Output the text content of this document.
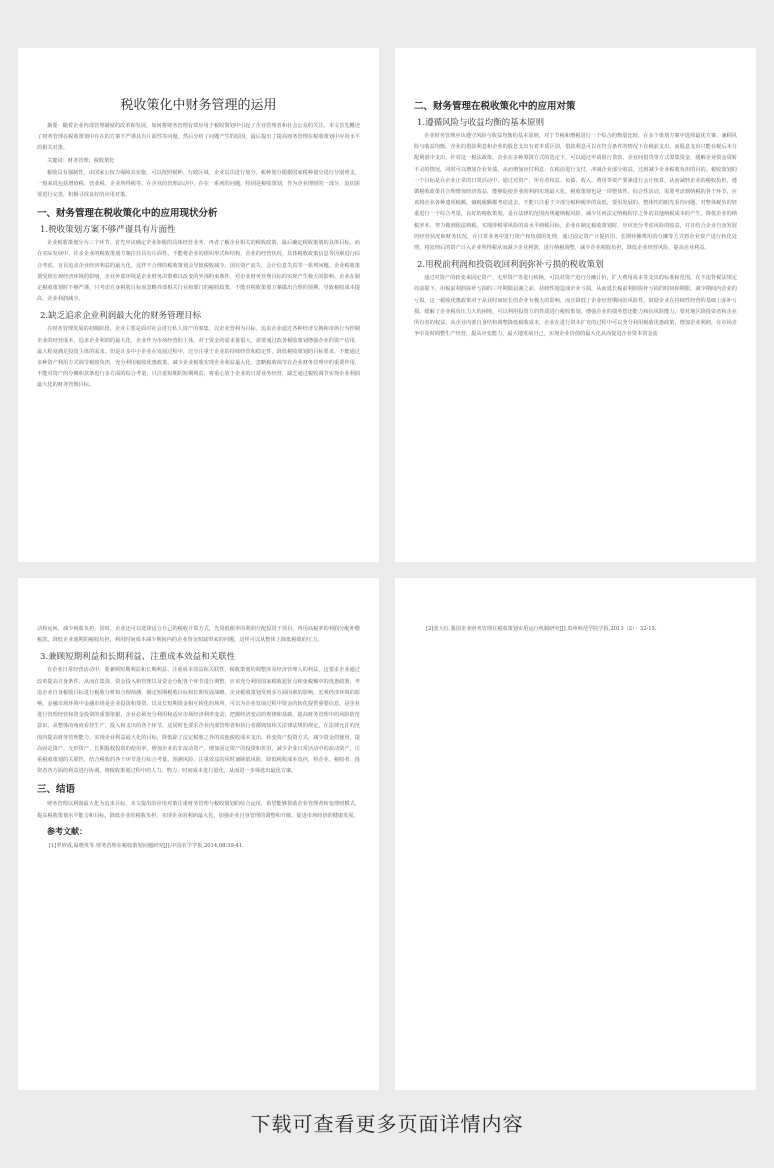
税收策化中财务管理的运用

摘要：随着企业内部管理制度的改革和发展，如何将财务管理有效应用于税收策划中引起了企业管理者和社会公众的关注。本文首先概述了财务管理在税收策划中存在的方案不严谨具有片面性等问题，然后分析了问题产生的原因，最后提出了提高财务管理在税收策划中应用水平的相关对策。

关键词：财务管理；税收策化

税收具有强制性，由国家公权力保障其实施，可以按照税种、行政区域、企业层次进行划分。税种划分根据国家税种划分进行分别列支，一般来说包括增值税、营业税、企业所得税等。在企业的管理活动中，存在一系列的问题，特别是税收策划，作为企业理财的一部分，追切需要进行完善，积极寻找良好的应用对策。

一、财务管理在税收策化中的应用现状分析
1.税收策划方案不够严谨具有片面性

企业税收策划分为三个环节，首先应该确定企业涉税的具体经营业务，再者了解企业相关的税收政策，最后确定税收策划的具体目标。而在实际发展中，许多企业的税收策划方案往往具有片面性，不能将企业的组织形式和结构、企业的经营状况、具体税收政策信息等因素进行综合考虑，盲目追求企业经济利益的最大化，这样不合理的税收策划会导致税收减少、国有资产流失、会计信息失真等一系列问题。企业税收策划受到宏观经济环境的影响，企业外部环境是企业财务决策难以改变的外部约束条件，对企业财务管理目标的实现产生极大的影响。企业在制定税收策划时不够严谨，只考虑自身税收目标而忽略外部相关行业和部门的税收政策，不能对税收策划方案做出合理的预期，导致税收成本提高，企业利润减少。

2.缺乏追求企业利润最大化的财务管理目标

在财务管理发展的初级阶段，企业主要是面对社会进行私人资产的筹集，以企业营利为目标，追求企业通过各种经济交换和市场行为控制企业的经营成本，追求企业利润的最大化，企业作为市场经营的主体，对于资金的需求量很大，需要通过改善税收策划增强企业的资产信用，最大程度满足投资主体的需求。但是许多中小企业在发展过程中，过分注重于企业的持续经营和稳定性，降低税收策划的目标要求，不能通过多种资产利用方式调节税收负担，充分利用税收优惠政策，减少企业税收实现企业利益最大化。忽略税收调节在企业财务管理中的重要作用，不能对资产的分摊和款条进行多方面的综合考量，只注重短期的短期利益，将重心放于企业的日常业务经营，缺乏通过税收调节实现企业利润最大化的财务管理目标。

二、财务管理在税收策化中的应用对策
1.遵循风险与收益均衡的基本原则

企业财务管理应该遵守风险与收益均衡的基本原则，对于节税和增税进行一个综合的衡量比较，在多个策划方案中选择最优方案，兼顾风险与收益均衡。企业的借款利息和企业的股息支出有着本质区别，借款利息可以在符合条件的情况下在税前支出，而股息支出只能在税后未分配利润中支出，针对这一税法政策，企业在多种筹资方式的选定下，可以通过申请银行贷款、企业间借贷等方式筹集资金，缓解企业资金周转不灵的情况，同时可以增加企业负债，从而增加应付利息，在税前进行支付，冲减企业部分收益，达到减少企业税收负担的目的。税收策划的一个目标是在企业正常的日常活动中，通过对资产、所有者权益、负债、收入、费用等资产要素进行会计核算，从而减轻企业的税收负担，遵循税收政策并合理增加经济效益，能够促使企业的利润实现最大化。税收策划也是一项整体性、综合性活动，需要考虑到纳税的各个环节，应该将企业各种遗项税额，熵税税额都考虑进去，不能只注重于少部分税种税率的高低，要用发展的、整体性的眼光看待问题，对整体税负的轻重进行一个综合考量，良好的税收策划，是在法律的范围内规避纳税风险、减少任何法定纳税程序之外的其他纳税成本的产生，降低企业的纳税率本，努力做到依法纳税，实现涉税零风险的高水平纳税目标，企业在制定税收策划时，应该充分考虑风险的收益，并且结合企业自身发展的经营状况和财务状况，在日常业务中进行资产和负债的处理，通过固定资产计提折旧、长期待摊费用的分摊等方式将企业资产进行转化处理，将处理后的资产计入企业所得税从而减少企业利润，进行纳税调整，减少企业税收负担，降低企业经营风险，提高企业利益。

2.用税前利润和投资收回利润弥补亏损的税收策划

通过对资产的转变来固定资产、无形资产等进行转换，可以对资产进行分摊计价，扩大费用成本等支出的标准和范围，在不违背税法规定的前提下，用税前利润弥补亏损的三年期限届满之前，持续性地造成企业亏损，从而延长税前利润弥补亏损的时间和期限，减少期间内企业的亏损，这一税收优惠政策对于从业时间较长的企业有极大的影响，而且降低了企业经营期间的风险性，鼓励企业在持续性经营的基础上弥补亏损，缓解了企业税负压力大的困境，可以利用投资方的性质进行税收策划，增强企业的债务偿还能力和抗风险能力，要对地区降投资者和企业所有者的权益，从企业内部自身结构调整降低税收成本，企业在进行资本扩充的过程中可以充分利用税收优惠政策，增加企业利润，在市场竞争中及时调整生产经营，提高应变能力，最大地发展自己，实现企业价值的最大化从而促进企业资本资金流

动和运转，减少税收负担，同时，企业还可以选择适合自己的税收计算方式，先用低税率的利润分配投资于项目，再用高税率的利润分配补缴税款，降低企业通期的税收负担，利用时间成本减少期间内的企业资金短缺带来的问题，这样可以从整体上降低税收的压力。

3.兼顾短期利益和长期利益、注重成本效益和关联性

在企业日常经营活动中，要兼顾短期利益和长期利益、注重成本效益和关联性，税收策划的调整涉及经济管理人的利益，这要求企业通过改革提高自身条件，从而在集资、资金投入和管理以及资金分配各个环节进行调整，应该充分利用国家税收起征点和免税额中的优惠政策，考虑企业自身税收目标进行税收分析和合理预测，制定短期税收目标和长期发展战略，企业税收策划受到多方面因素的影响，宏观经济环境的影响，金融市场环境中金融市场是企业投资和筹资，以及长短期资金相互转化的场所，可以为企业发展过程中资金的转化提供重要信息，是企业进行管理经营和资金投资的重要依据，企业必须充分利用和适应市场经济利率变动，把握经济变动的规律和基础，提高财务管理中的风险防范意识，从整体的角度看待生产、投入和支出的各个环节，这同时也要求企业内部管理者和执行者都熟知相关法律法规的规定，在法律允许的范围内提高财务管理能力，实现企业利益最大化的目标，降低除了法定税收之外的其他税收成本支出，转变资产投资方式，减少资金的使用，提高固定资产、无形资产、长期股权投资的使用率，增加企业的非流动资产，增加固定资产的投资和折旧，减少企业日常活动中的流动资产，注重税收策划的关联性，结合税收的各个环节进行综合考量，预测风险，注重效益的同时兼顾低风险，降低税收成本负担，将企业、税收者、投资者各方面的利益进行协调，将税收策划过程中的人力、物力、时间成本进行量化，从而进一步筛选出最优方案。

三、结语

财务管理以利润最大化为追求目标，本文提出的应用对策注重财务管理与税收策划的综合运用，希望能够帮助企业管理者转变理财模式，提高税收策划水平能力和目标，降低企业的税收负担，实现企业的利润最大化，加强企业自身管理的调整和升级，促进市场经济的健康发展。

参考文献：
[1]罗妙成,温晓英等.财务管理在税收策划问题研究[J].中国农学学报,2014,08:39-41.
[2]张大红.我国企业财务管理在税收策划实用运行机制研究[J].贵州师范学院学报,2013（2）：32-15.
下载可查看更多页面详情内容
